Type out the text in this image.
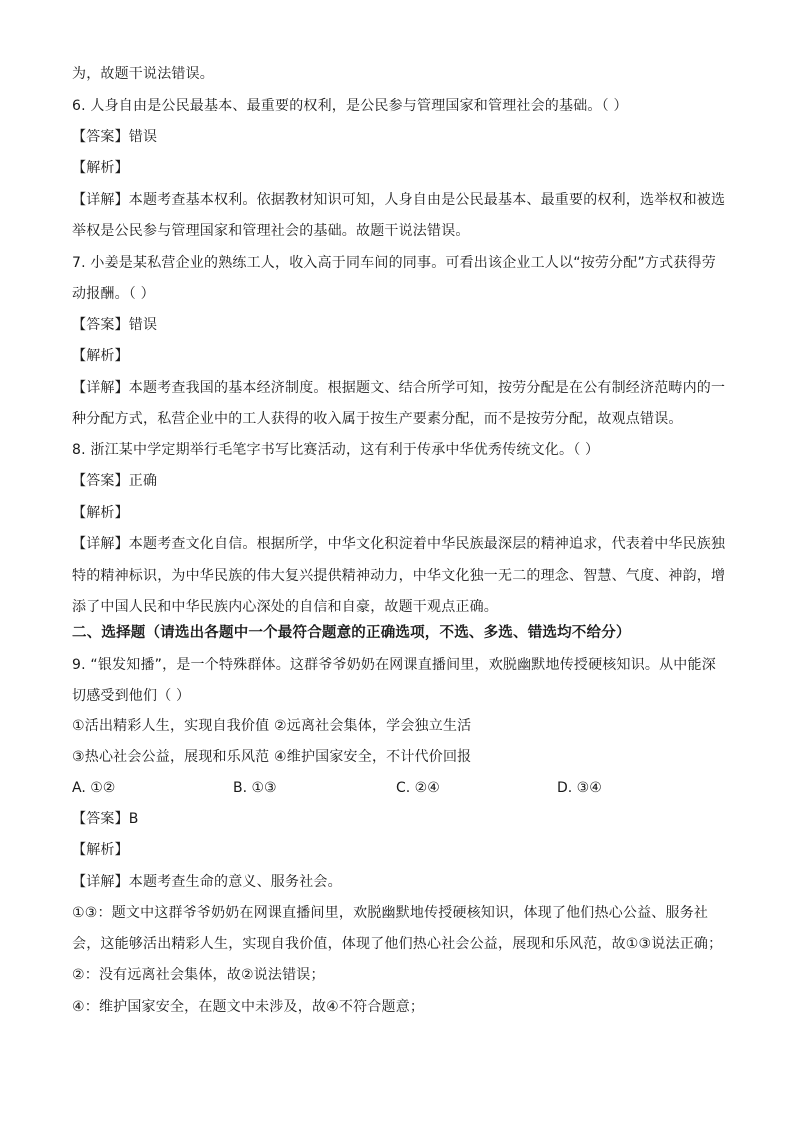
为，故题干说法错误。
6. 人身自由是公民最基本、最重要的权利，是公民参与管理国家和管理社会的基础。（ ）
【答案】错误
【解析】
【详解】本题考查基本权利。依据教材知识可知，人身自由是公民最基本、最重要的权利，选举权和被选
举权是公民参与管理国家和管理社会的基础。故题干说法错误。
7. 小姜是某私营企业的熟练工人，收入高于同车间的同事。可看出该企业工人以“按劳分配”方式获得劳
动报酬。（ ）
【答案】错误
【解析】
【详解】本题考查我国的基本经济制度。根据题文、结合所学可知，按劳分配是在公有制经济范畴内的一
种分配方式，私营企业中的工人获得的收入属于按生产要素分配，而不是按劳分配，故观点错误。
8. 浙江某中学定期举行毛笔字书写比赛活动，这有利于传承中华优秀传统文化。（ ）
【答案】正确
【解析】
【详解】本题考查文化自信。根据所学，中华文化积淀着中华民族最深层的精神追求，代表着中华民族独
特的精神标识，为中华民族的伟大复兴提供精神动力，中华文化独一无二的理念、智慧、气度、神韵，增
添了中国人民和中华民族内心深处的自信和自豪，故题干观点正确。
二、选择题（请选出各题中一个最符合题意的正确选项，不选、多选、错选均不给分）
9. “银发知播”，是一个特殊群体。这群爷爷奶奶在网课直播间里，欢脱幽默地传授硬核知识。从中能深
切感受到他们（ ）
①活出精彩人生，实现自我价值 ②远离社会集体，学会独立生活
③热心社会公益，展现和乐风范 ④维护国家安全，不计代价回报
A. ①②	B. ①③	C. ②④	D. ③④
【答案】B
【解析】
【详解】本题考查生命的意义、服务社会。
①③：题文中这群爷爷奶奶在网课直播间里，欢脱幽默地传授硬核知识，体现了他们热心公益、服务社
会，这能够活出精彩人生，实现自我价值，体现了他们热心社会公益，展现和乐风范，故①③说法正确；
②：没有远离社会集体，故②说法错误；
④：维护国家安全，在题文中未涉及，故④不符合题意；
